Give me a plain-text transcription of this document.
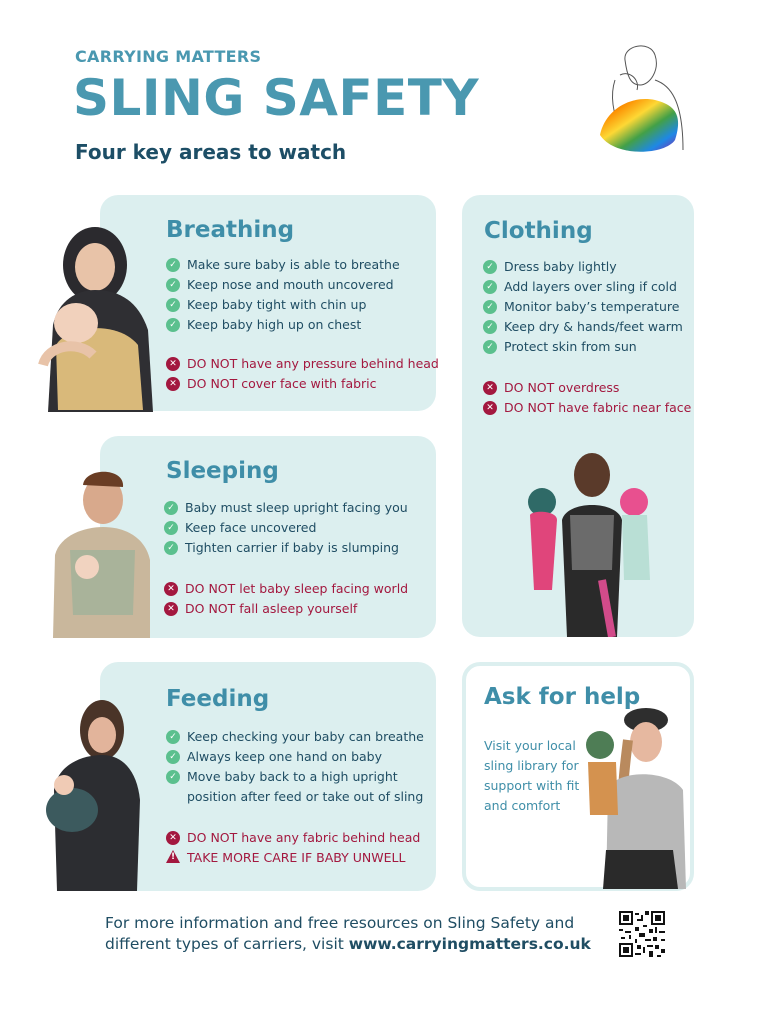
CARRYING MATTERS
SLING SAFETY
Four key areas to watch
Breathing
✓ Make sure baby is able to breathe
✓ Keep nose and mouth uncovered
✓ Keep baby tight with chin up
✓ Keep baby high up on chest
✕ DO NOT have any pressure behind head
✕ DO NOT cover face with fabric
Clothing
✓ Dress baby lightly
✓ Add layers over sling if cold
✓ Monitor baby’s temperature
✓ Keep dry & hands/feet warm
✓ Protect skin from sun
✕ DO NOT overdress
✕ DO NOT have fabric near face
Sleeping
✓ Baby must sleep upright facing you
✓ Keep face uncovered
✓ Tighten carrier if baby is slumping
✕ DO NOT let baby sleep facing world
✕ DO NOT fall asleep yourself
Feeding
✓ Keep checking your baby can breathe
✓ Always keep one hand on baby
✓ Move baby back to a high upright
position after feed or take out of sling
✕ DO NOT have any fabric behind head
!
TAKE MORE CARE IF BABY UNWELL
Ask for help
Visit your local sling library for support with fit and comfort
For more information and free resources on Sling Safety and
different types of carriers, visit www.carryingmatters.co.uk
